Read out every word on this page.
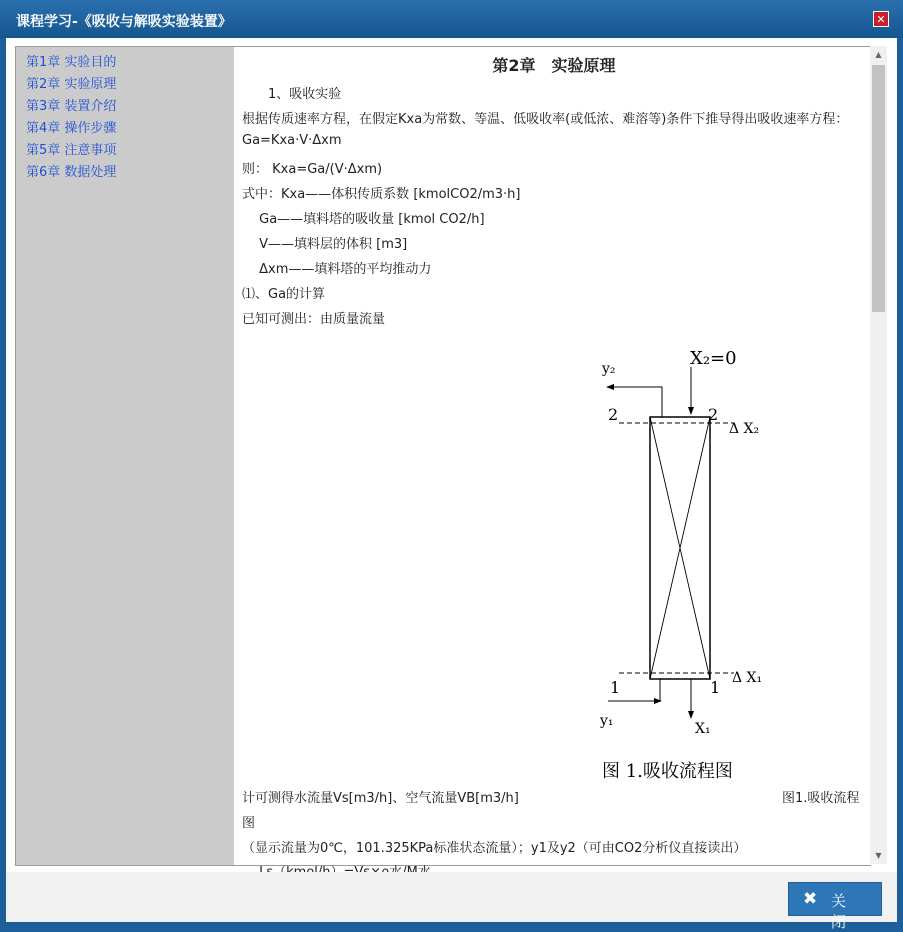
课程学习-《吸收与解吸实验装置》	✕
第1章 实验目的
第2章 实验原理
第3章 装置介绍
第4章 操作步骤
第5章 注意事项
第6章 数据处理
第2章　实验原理
　　1、吸收实验
根据传质速率方程，在假定Kxa为常数、等温、低吸收率(或低浓、难溶等)条件下推导得出吸收速率方程：
Ga=Kxa·V·Δxm
则： Kxa=Ga/(V·Δxm)
式中：Kxa——体积传质系数 [kmolCO2/m3·h]
　 Ga——填料塔的吸收量 [kmol CO2/h]
　 V——填料层的体积 [m3]
　 Δxm——填料塔的平均推动力
⑴、Ga的计算
已知可测出：由质量流量
y₂	X₂=0
2	2
Δ X₂
Δ X₁
1	1
y₁	X₁
图 1.吸收流程图
计可测得水流量Vs[m3/h]、空气流量VB[m3/h]	图1.吸收流程
图
（显示流量为0℃，101.325KPa标准状态流量）；y1及y2（可由CO2分析仪直接读出）
▲
▼
✖ 关 闭
